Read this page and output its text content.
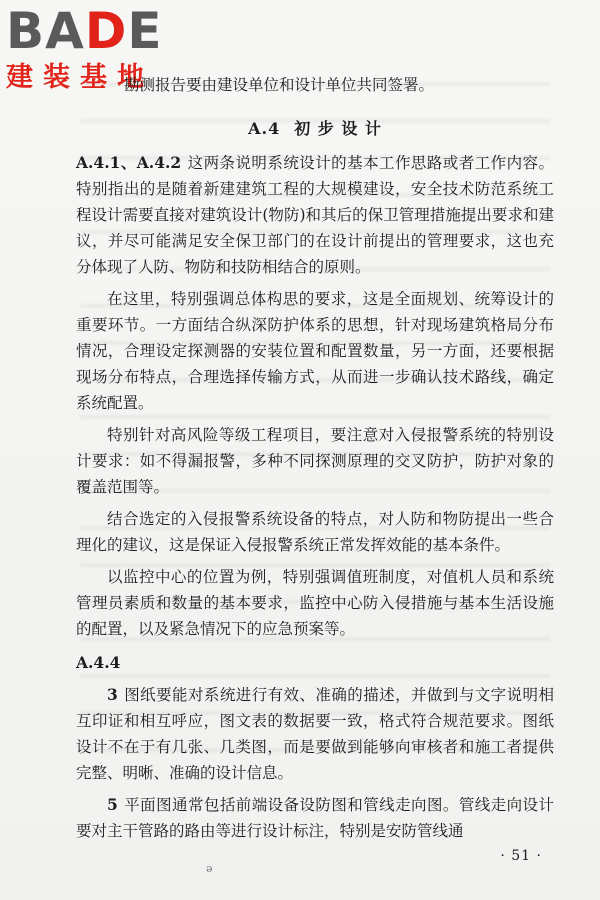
BA D E
建装基地
勘测报告要由建设单位和设计单位共同签署。
A.4 初 步 设 计

A.4.1、A.4.2 这两条说明系统设计的基本工作思路或者工作内容。特别指出的是随着新建建筑工程的大规模建设，安全技术防范系统工程设计需要直接对建筑设计(物防)和其后的保卫管理措施提出要求和建议，并尽可能满足安全保卫部门的在设计前提出的管理要求，这也充分体现了人防、物防和技防相结合的原则。

在这里，特别强调总体构思的要求，这是全面规划、统筹设计的重要环节。一方面结合纵深防护体系的思想，针对现场建筑格局分布情况，合理设定探测器的安装位置和配置数量，另一方面，还要根据现场分布特点，合理选择传输方式，从而进一步确认技术路线，确定系统配置。

特别针对高风险等级工程项目，要注意对入侵报警系统的特别设计要求：如不得漏报警，多种不同探测原理的交叉防护，防护对象的覆盖范围等。

结合选定的入侵报警系统设备的特点，对人防和物防提出一些合理化的建议，这是保证入侵报警系统正常发挥效能的基本条件。

以监控中心的位置为例，特别强调值班制度，对值机人员和系统管理员素质和数量的基本要求，监控中心防入侵措施与基本生活设施的配置，以及紧急情况下的应急预案等。

A.4.4

3 图纸要能对系统进行有效、准确的描述，并做到与文字说明相互印证和相互呼应，图文表的数据要一致，格式符合规范要求。图纸设计不在于有几张、几类图，而是要做到能够向审核者和施工者提供完整、明晰、准确的设计信息。

5 平面图通常包括前端设备设防图和管线走向图。管线走向设计要对主干管路的路由等进行设计标注，特别是安防管线通

· 51 ·
ə
